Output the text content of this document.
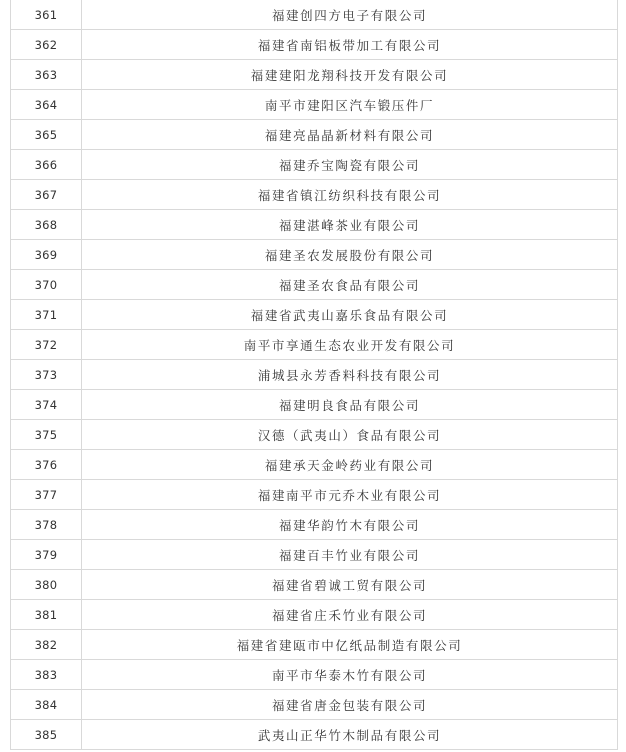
361	福建创四方电子有限公司
362	福建省南铝板带加工有限公司
363	福建建阳龙翔科技开发有限公司
364	南平市建阳区汽车锻压件厂
365	福建亮晶晶新材料有限公司
366	福建乔宝陶瓷有限公司
367	福建省镇江纺织科技有限公司
368	福建湛峰茶业有限公司
369	福建圣农发展股份有限公司
370	福建圣农食品有限公司
371	福建省武夷山嘉乐食品有限公司
372	南平市享通生态农业开发有限公司
373	浦城县永芳香料科技有限公司
374	福建明良食品有限公司
375	汉德（武夷山）食品有限公司
376	福建承天金岭药业有限公司
377	福建南平市元乔木业有限公司
378	福建华韵竹木有限公司
379	福建百丰竹业有限公司
380	福建省碧诚工贸有限公司
381	福建省庄禾竹业有限公司
382	福建省建瓯市中亿纸品制造有限公司
383	南平市华泰木竹有限公司
384	福建省唐金包装有限公司
385	武夷山正华竹木制品有限公司
